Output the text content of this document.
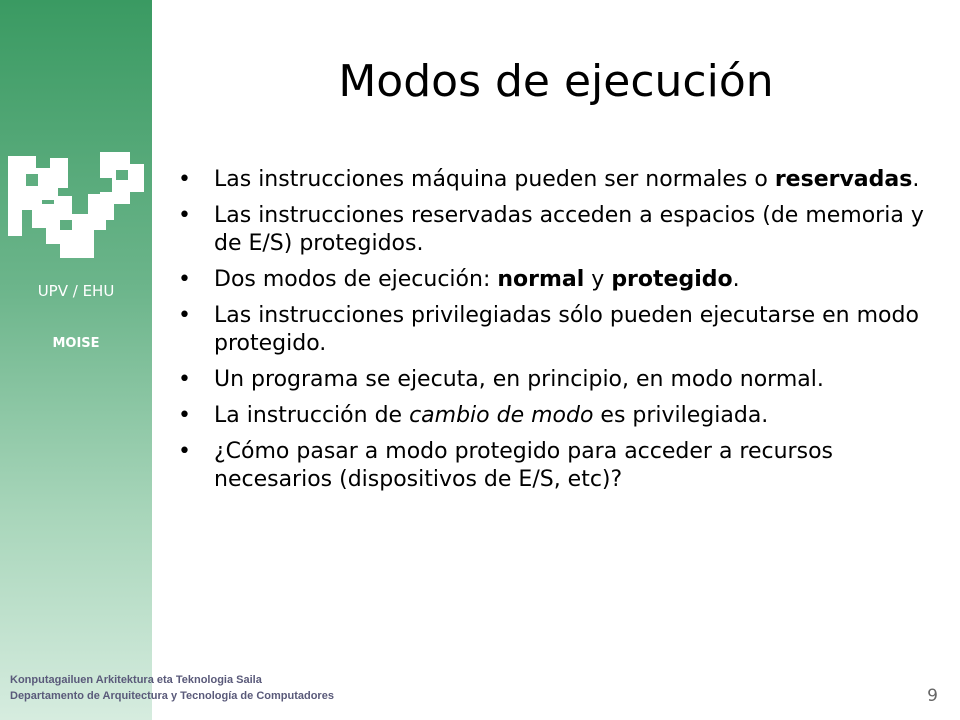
UPV / EHU
MOISE
Modos de ejecución
• Las instrucciones máquina pueden ser normales o reservadas.
• Las instrucciones reservadas acceden a espacios (de memoria y de E/S) protegidos.
• Dos modos de ejecución: normal y protegido.
• Las instrucciones privilegiadas sólo pueden ejecutarse en modo protegido.
• Un programa se ejecuta, en principio, en modo normal.
• La instrucción de cambio de modo es privilegiada.
• ¿Cómo pasar a modo protegido para acceder a recursos necesarios (dispositivos de E/S, etc)?
Konputagailuen Arkitektura eta Teknologia Saila
Departamento de Arquitectura y Tecnología de Computadores	9
